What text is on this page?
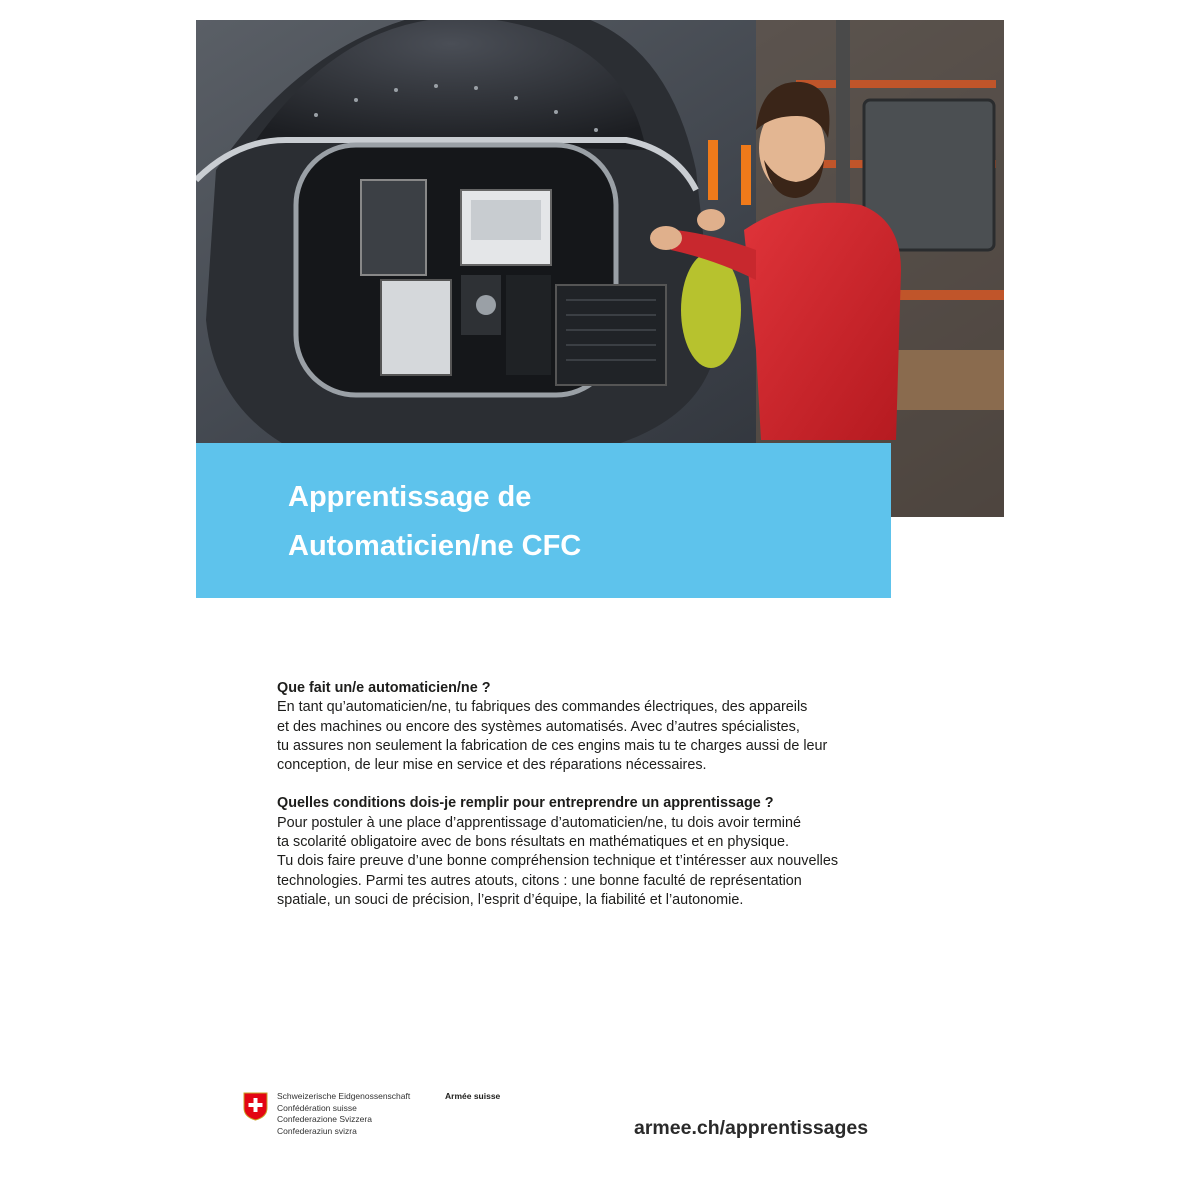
Apprentissage de
Automaticien/ne CFC
Que fait un/e automaticien/ne ?

En tant qu’automaticien/ne, tu fabriques des commandes électriques, des appareils
et des machines ou encore des systèmes automatisés. Avec d’autres spécialistes,
tu assures non seulement la fabrication de ces engins mais tu te charges aussi de leur
conception, de leur mise en service et des réparations nécessaires.

Quelles conditions dois-je remplir pour entreprendre un apprentissage ?

Pour postuler à une place d’apprentissage d’automaticien/ne, tu dois avoir terminé
ta scolarité obligatoire avec de bons résultats en mathématiques et en physique.
Tu dois faire preuve d’une bonne compréhension technique et t’intéresser aux nouvelles
technologies. Parmi tes autres atouts, citons : une bonne faculté de représentation
spatiale, un souci de précision, l’esprit d’équipe, la fiabilité et l’autonomie.

Schweizerische Eidgenossenschaft
Confédération suisse
Confederazione Svizzera
Confederaziun svizra
Armée suisse
armee.ch/apprentissages
